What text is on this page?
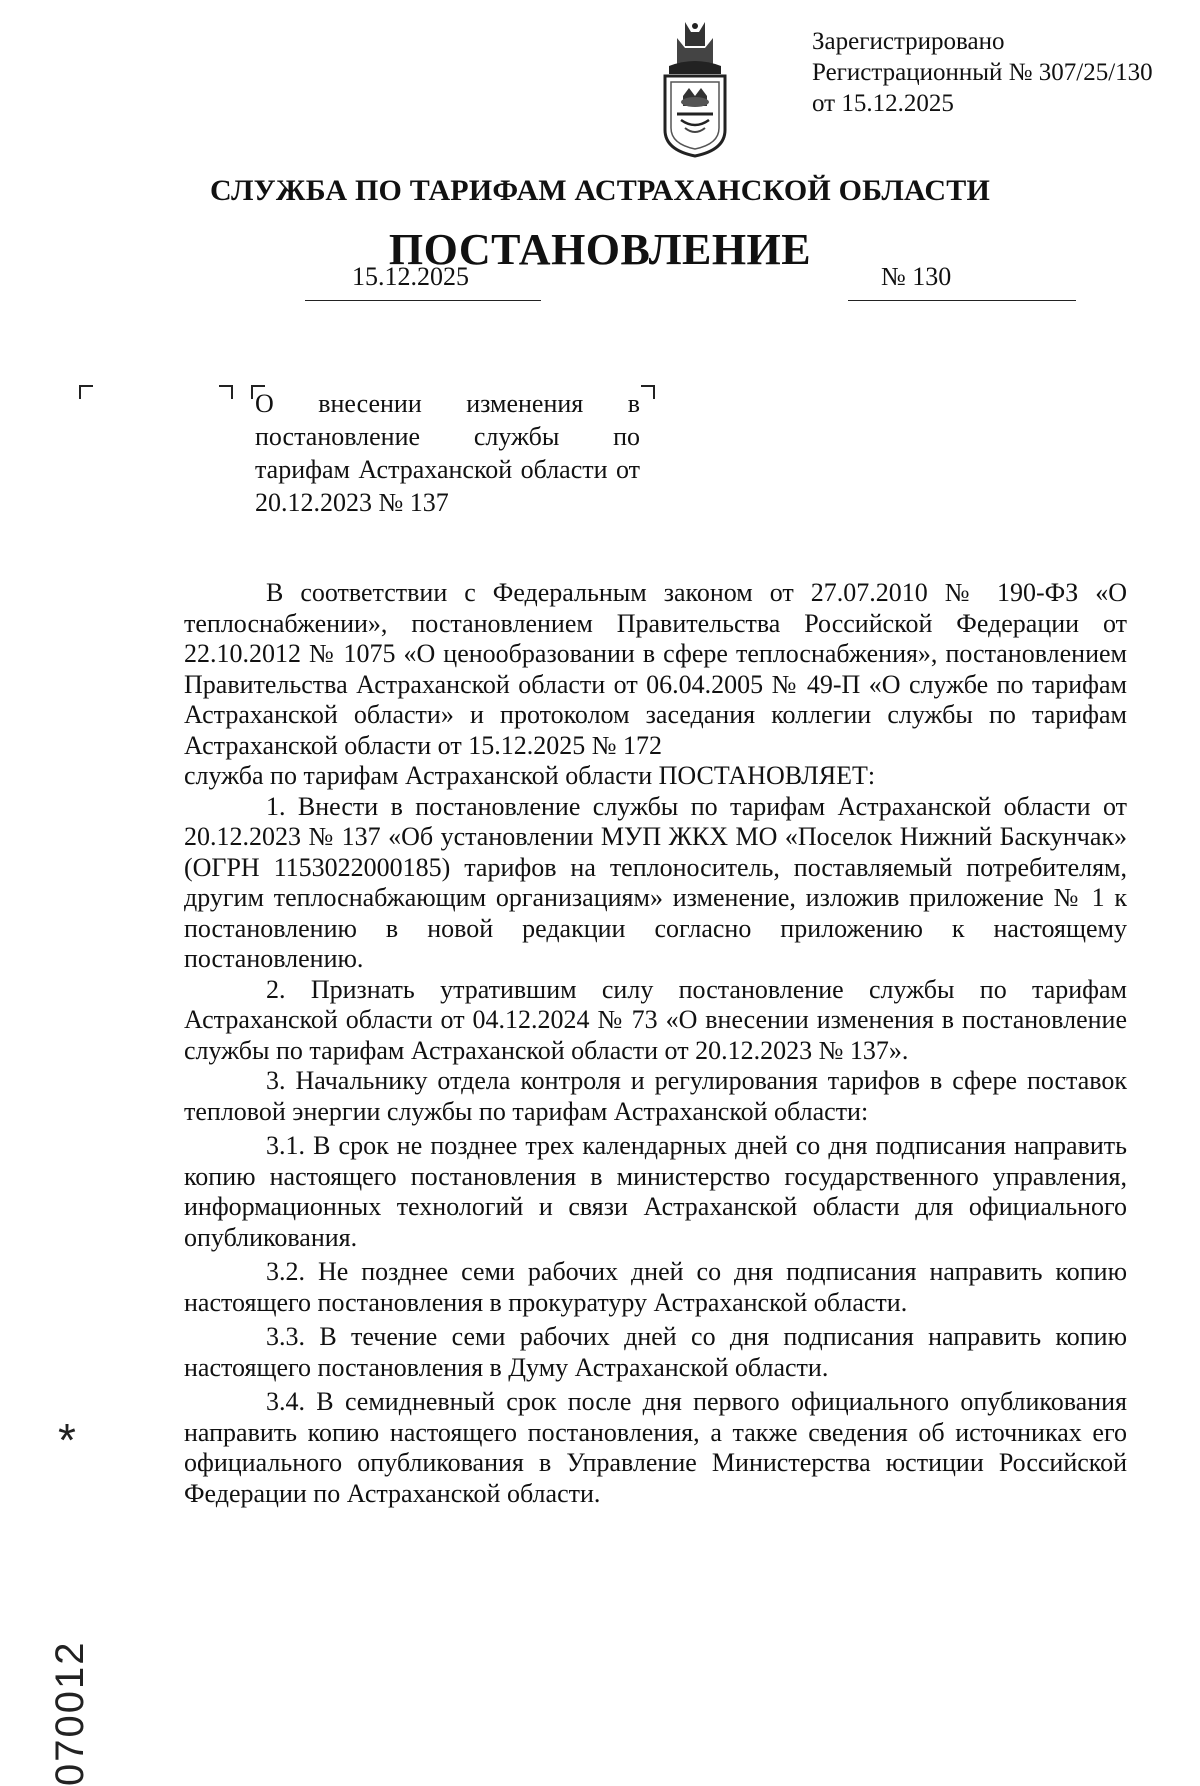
Зарегистрировано
Регистрационный № 307/25/130
от 15.12.2025
СЛУЖБА ПО ТАРИФАМ АСТРАХАНСКОЙ ОБЛАСТИ
ПОСТАНОВЛЕНИЕ
15.12.2025	№ 130
О внесении изменения в постановление службы по тарифам Астраханской области от 20.12.2023 № 137

В соответствии с Федеральным законом от 27.07.2010 № 190-ФЗ «О теплоснабжении», постановлением Правительства Российской Федерации от 22.10.2012 № 1075 «О ценообразовании в сфере теплоснабжения», постановлением Правительства Астраханской области от 06.04.2005 № 49-П «О службе по тарифам Астраханской области» и протоколом заседания коллегии службы по тарифам Астраханской области от 15.12.2025 № 172

служба по тарифам Астраханской области ПОСТАНОВЛЯЕТ:

1. Внести в постановление службы по тарифам Астраханской области от 20.12.2023 № 137 «Об установлении МУП ЖКХ МО «Поселок Нижний Баскунчак» (ОГРН 1153022000185) тарифов на теплоноситель, поставляемый потребителям, другим теплоснабжающим организациям» изменение, изложив приложение № 1 к постановлению в новой редакции согласно приложению к настоящему постановлению.

2. Признать утратившим силу постановление службы по тарифам Астраханской области от 04.12.2024 № 73 «О внесении изменения в постановление службы по тарифам Астраханской области от 20.12.2023 № 137».

3. Начальнику отдела контроля и регулирования тарифов в сфере поставок тепловой энергии службы по тарифам Астраханской области:

3.1. В срок не позднее трех календарных дней со дня подписания направить копию настоящего постановления в министерство государственного управления, информационных технологий и связи Астраханской области для официального опубликования.

3.2. Не позднее семи рабочих дней со дня подписания направить копию настоящего постановления в прокуратуру Астраханской области.

3.3. В течение семи рабочих дней со дня подписания направить копию настоящего постановления в Думу Астраханской области.

3.4. В семидневный срок после дня первого официального опубликования направить копию настоящего постановления, а также сведения об источниках его официального опубликования в Управление Министерства юстиции Российской Федерации по Астраханской области.

*
070012
